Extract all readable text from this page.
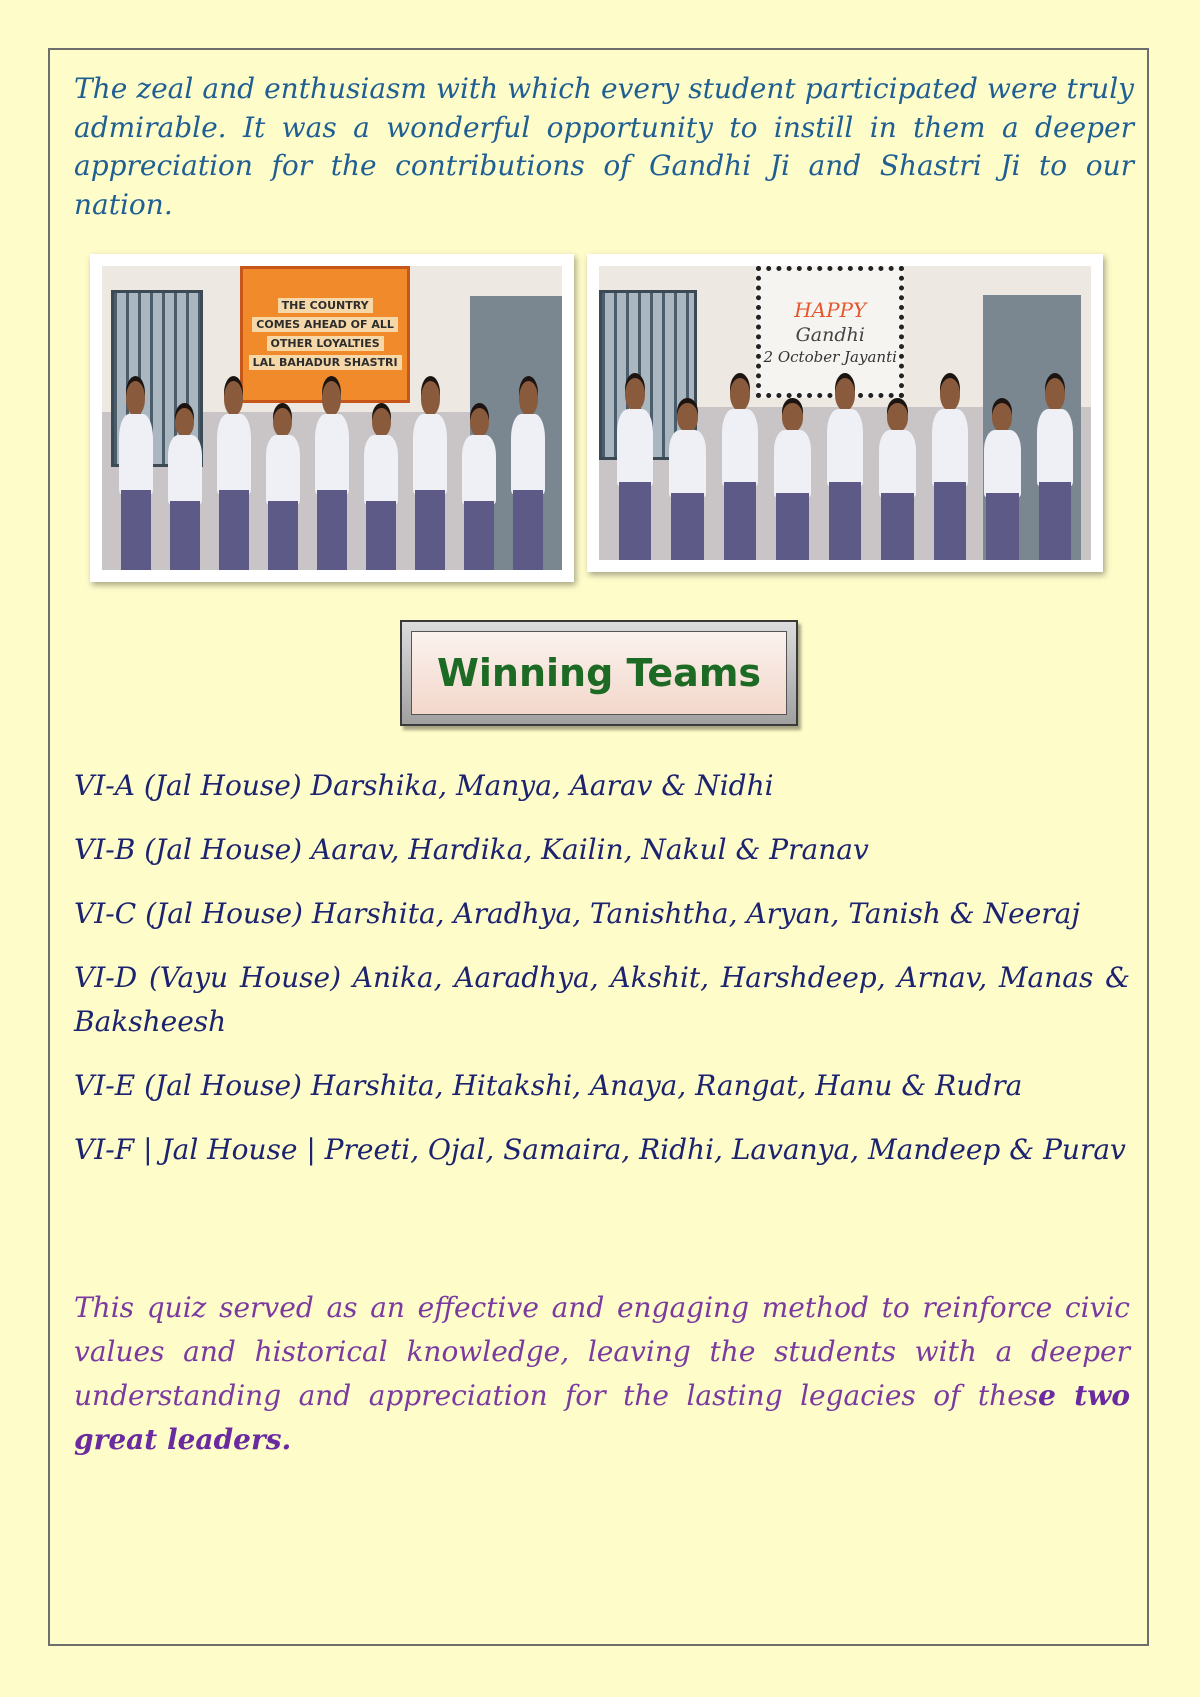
The zeal and enthusiasm with which every student participated were truly admirable. It was a wonderful opportunity to instill in them a deeper appreciation for the contributions of Gandhi Ji and Shastri Ji to our nation.

THE COUNTRY
COMES AHEAD OF ALL
OTHER LOYALTIES
LAL BAHADUR SHASTRI
HAPPY
Gandhi
2 October Jayanti
Winning Teams

VI-A (Jal House) Darshika, Manya, Aarav & Nidhi

VI-B (Jal House) Aarav, Hardika, Kailin, Nakul & Pranav

VI-C (Jal House) Harshita, Aradhya, Tanishtha, Aryan, Tanish & Neeraj

VI-D (Vayu House) Anika, Aaradhya, Akshit, Harshdeep, Arnav, Manas & Baksheesh

VI-E (Jal House) Harshita, Hitakshi, Anaya, Rangat, Hanu & Rudra

VI-F | Jal House | Preeti, Ojal, Samaira, Ridhi, Lavanya, Mandeep & Purav

This quiz served as an effective and engaging method to reinforce civic values and historical knowledge, leaving the students with a deeper understanding and appreciation for the lasting legacies of these two great leaders.
